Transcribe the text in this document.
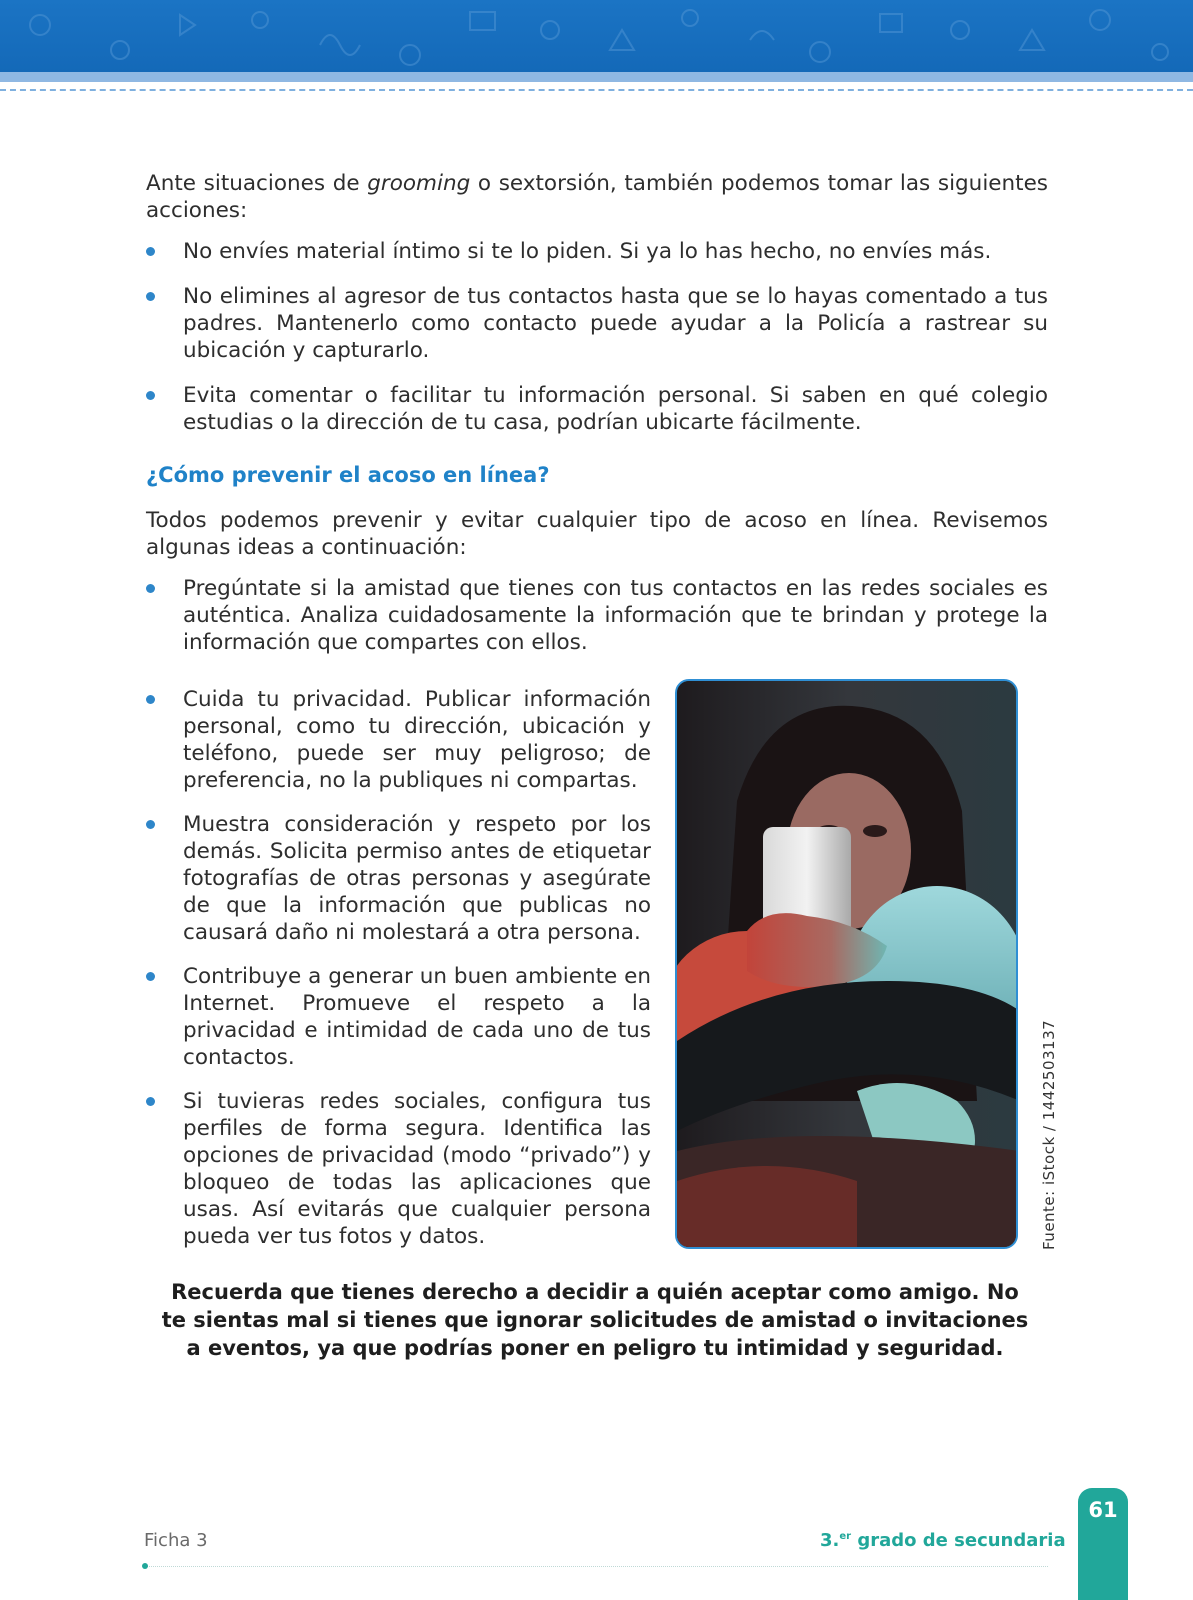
Ante situaciones de grooming o sextorsión, también podemos tomar las siguientes acciones:

No envíes material íntimo si te lo piden. Si ya lo has hecho, no envíes más.
No elimines al agresor de tus contactos hasta que se lo hayas comentado a tus padres. Mantenerlo como contacto puede ayudar a la Policía a rastrear su ubicación y capturarlo.
Evita comentar o facilitar tu información personal. Si saben en qué colegio estudias o la dirección de tu casa, podrían ubicarte fácilmente.
¿Cómo prevenir el acoso en línea?

Todos podemos prevenir y evitar cualquier tipo de acoso en línea. Revisemos algunas ideas a continuación:

Pregúntate si la amistad que tienes con tus contactos en las redes sociales es auténtica. Analiza cuidadosamente la información que te brindan y protege la información que compartes con ellos.
Cuida tu privacidad. Publicar información personal, como tu dirección, ubicación y teléfono, puede ser muy peligroso; de preferencia, no la publiques ni compartas.
Muestra consideración y respeto por los demás. Solicita permiso antes de etiquetar fotografías de otras personas y asegúrate de que la información que publicas no causará daño ni molestará a otra persona.
Contribuye a generar un buen ambiente en Internet. Promueve el respeto a la privacidad e intimidad de cada uno de tus contactos.
Si tuvieras redes sociales, configura tus perfiles de forma segura. Identifica las opciones de privacidad (modo “privado”) y bloqueo de todas las aplicaciones que usas. Así evitarás que cualquier persona pueda ver tus fotos y datos.	Fuente: iStock / 1442503137

Recuerda que tienes derecho a decidir a quién aceptar como amigo. No te sientas mal si tienes que ignorar solicitudes de amistad o invitaciones a eventos, ya que podrías poner en peligro tu intimidad y seguridad.

Ficha 3	3.$^{er}$ grado de secundaria
61
